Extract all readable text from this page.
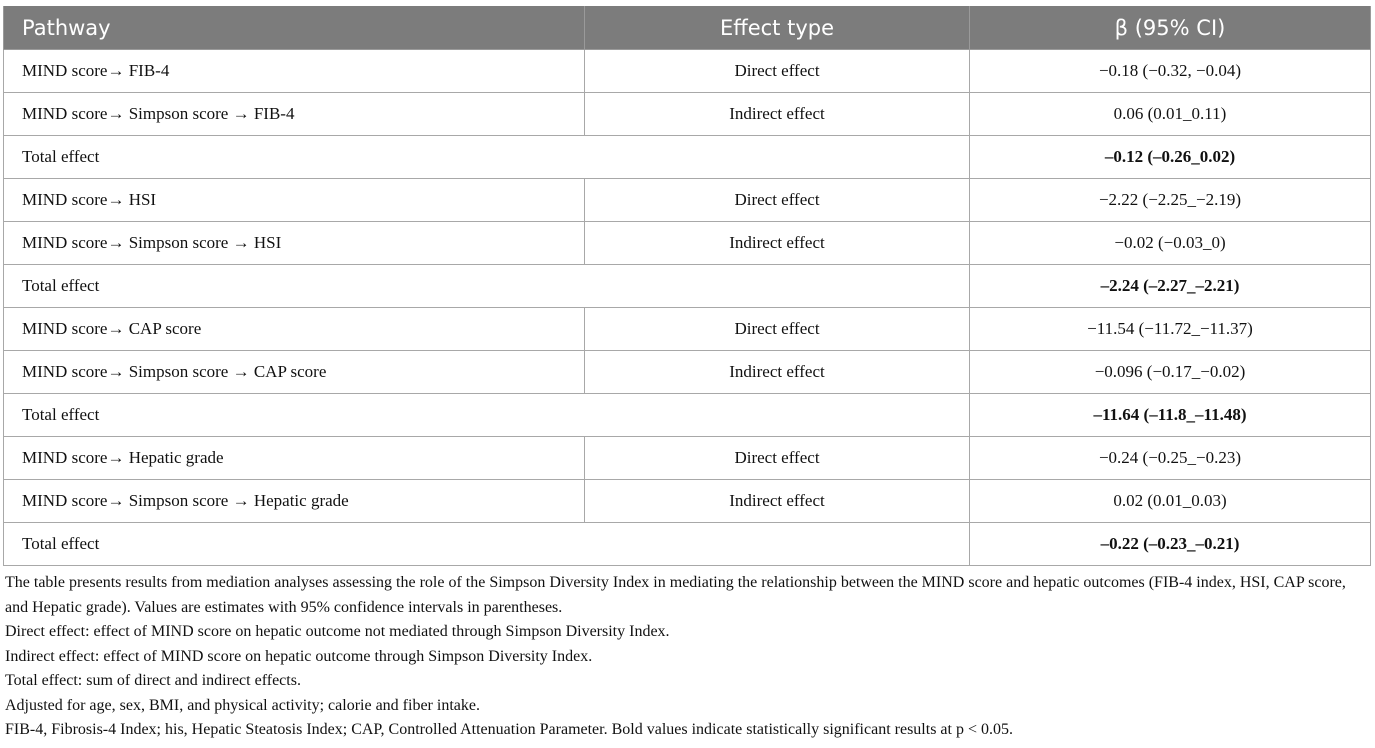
Pathway	Effect type	β (95% CI)
MIND score→ FIB-4	Direct effect	−0.18 (−0.32, −0.04)
MIND score→ Simpson score → FIB-4	Indirect effect	0.06 (0.01_0.11)
Total effect		–0.12 (–0.26_0.02)
MIND score→ HSI	Direct effect	−2.22 (−2.25_−2.19)
MIND score→ Simpson score → HSI	Indirect effect	−0.02 (−0.03_0)
Total effect		–2.24 (–2.27_–2.21)
MIND score→ CAP score	Direct effect	−11.54 (−11.72_−11.37)
MIND score→ Simpson score → CAP score	Indirect effect	−0.096 (−0.17_−0.02)
Total effect		–11.64 (–11.8_–11.48)
MIND score→ Hepatic grade	Direct effect	−0.24 (−0.25_−0.23)
MIND score→ Simpson score → Hepatic grade	Indirect effect	0.02 (0.01_0.03)
Total effect		–0.22 (–0.23_–0.21)

The table presents results from mediation analyses assessing the role of the Simpson Diversity Index in mediating the relationship between the MIND score and hepatic outcomes (FIB-4 index, HSI, CAP score, and Hepatic grade). Values are estimates with 95% confidence intervals in parentheses.

Direct effect: effect of MIND score on hepatic outcome not mediated through Simpson Diversity Index.

Indirect effect: effect of MIND score on hepatic outcome through Simpson Diversity Index.

Total effect: sum of direct and indirect effects.

Adjusted for age, sex, BMI, and physical activity; calorie and fiber intake.

FIB-4, Fibrosis-4 Index; his, Hepatic Steatosis Index; CAP, Controlled Attenuation Parameter. Bold values indicate statistically significant results at p < 0.05.
